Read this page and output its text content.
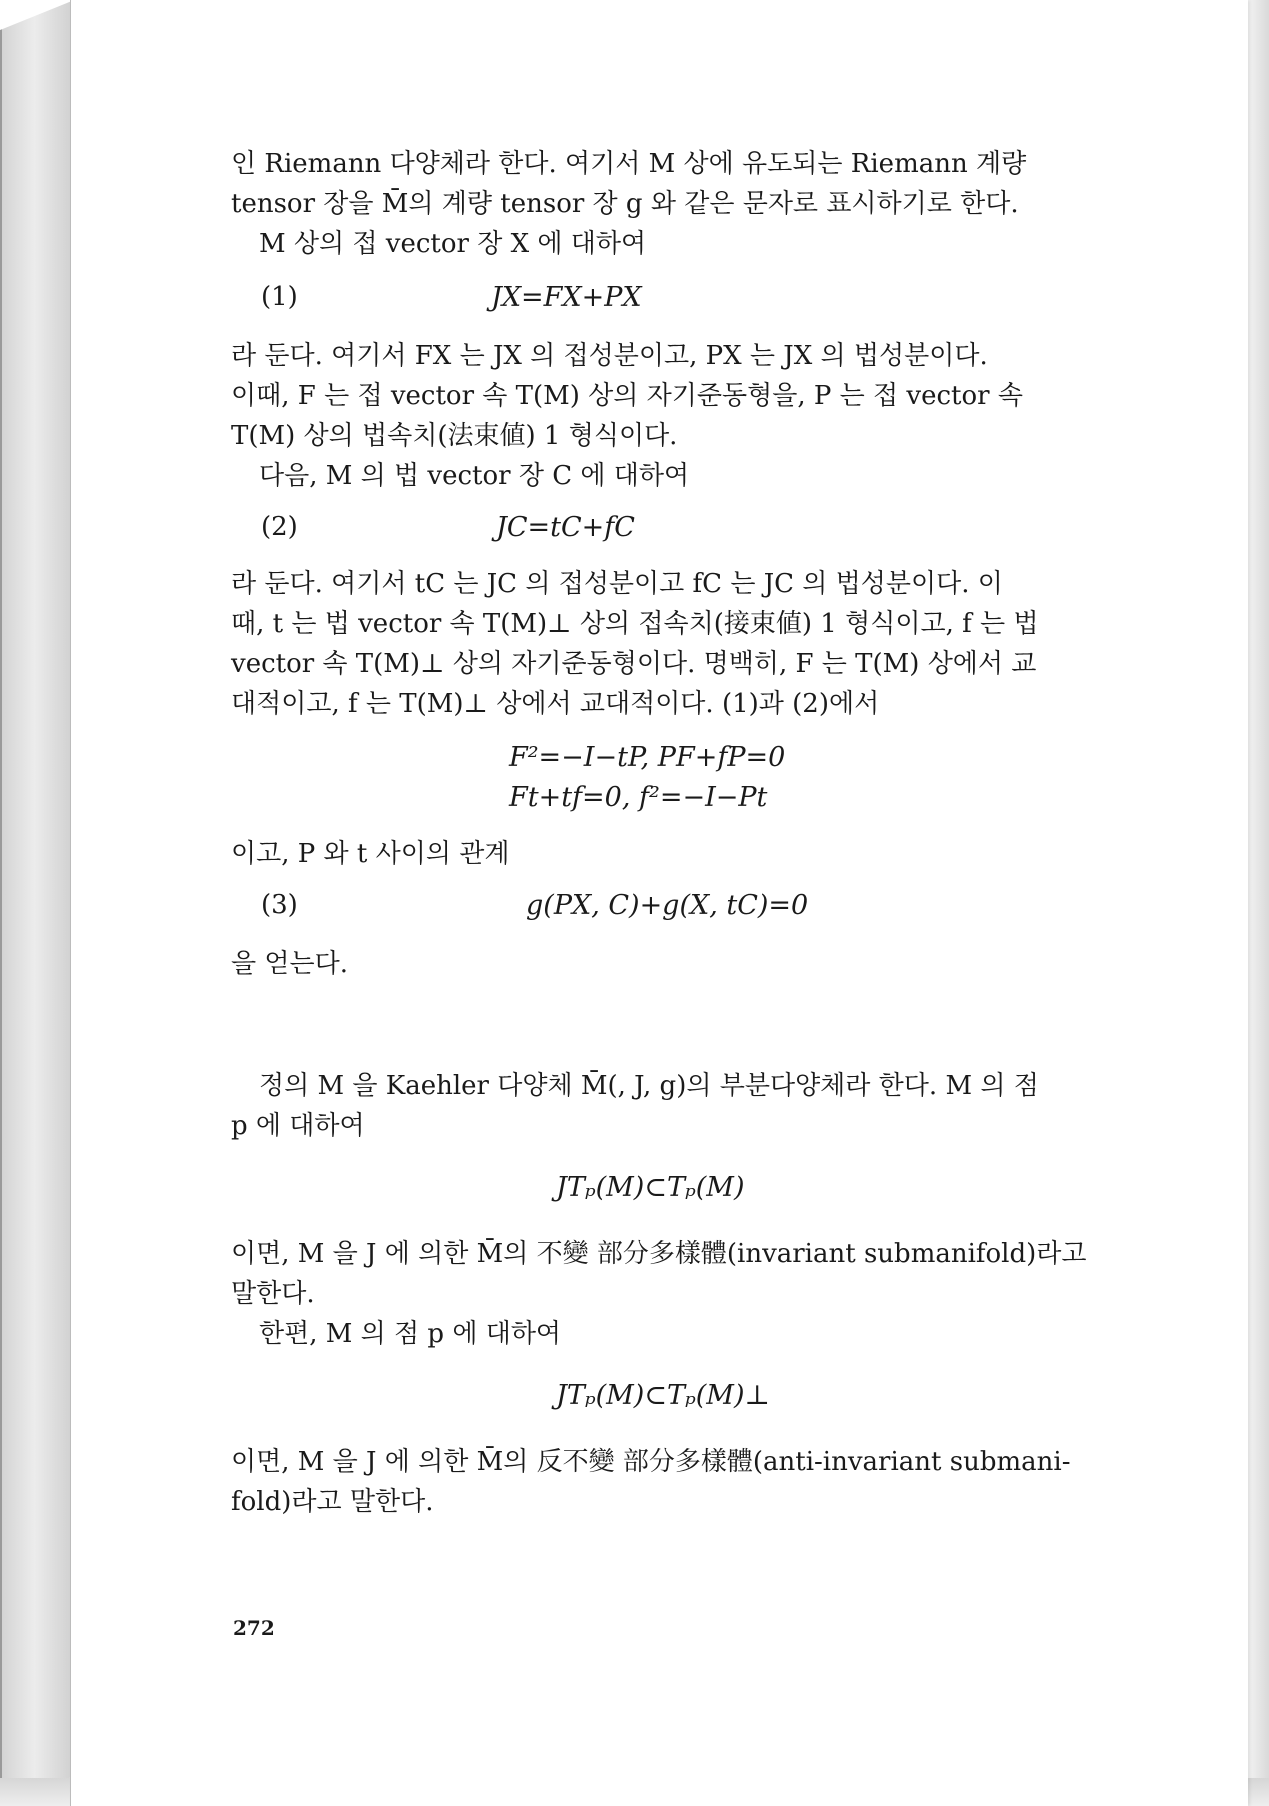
인 Riemann 다양체라 한다. 여기서 M 상에 유도되는 Riemann 계량
tensor 장을 M̄의 계량 tensor 장 g 와 같은 문자로 표시하기로 한다.
M 상의 접 vector 장 X 에 대하여
(1)	JX=FX+PX
라 둔다. 여기서 FX 는 JX 의 접성분이고, PX 는 JX 의 법성분이다.
이때, F 는 접 vector 속 T(M) 상의 자기준동형을, P 는 접 vector 속
T(M) 상의 법속치(法束値) 1 형식이다.
다음, M 의 법 vector 장 C 에 대하여
(2)	JC=tC+fC
라 둔다. 여기서 tC 는 JC 의 접성분이고 fC 는 JC 의 법성분이다. 이
때, t 는 법 vector 속 T(M)⊥ 상의 접속치(接束値) 1 형식이고, f 는 법
vector 속 T(M)⊥ 상의 자기준동형이다. 명백히, F 는 T(M) 상에서 교
대적이고, f 는 T(M)⊥ 상에서 교대적이다. (1)과 (2)에서
F²=−I−tP, PF+fP=0
Ft+tf=0, f²=−I−Pt
이고, P 와 t 사이의 관계
(3)	g(PX, C)+g(X, tC)=0
을 얻는다.
정의 M 을 Kaehler 다양체 M̄(, J, g)의 부분다양체라 한다. M 의 점
p 에 대하여
JTₚ(M)⊂Tₚ(M)
이면, M 을 J 에 의한 M̄의 不變 部分多樣體(invariant submanifold)라고
말한다.
한편, M 의 점 p 에 대하여
JTₚ(M)⊂Tₚ(M)⊥
이면, M 을 J 에 의한 M̄의 反不變 部分多樣體(anti-invariant submani-
fold)라고 말한다.
272
